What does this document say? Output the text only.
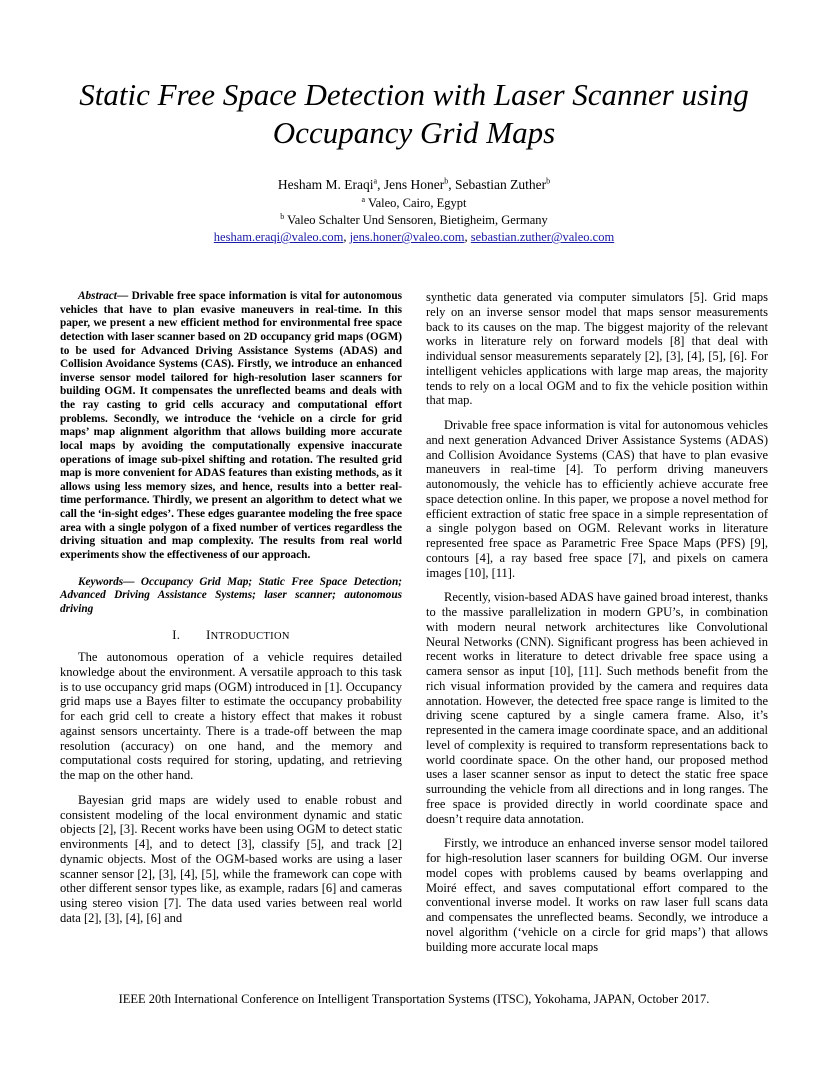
Static Free Space Detection with Laser Scanner using
Occupancy Grid Maps
Hesham M. Eraqi$^a$, Jens Honer$^b$, Sebastian Zuther$^b$
$^a$ Valeo, Cairo, Egypt
$^b$ Valeo Schalter Und Sensoren, Bietigheim, Germany
hesham.eraqi@valeo.com, jens.honer@valeo.com, sebastian.zuther@valeo.com
Abstract— Drivable free space information is vital for autonomous vehicles that have to plan evasive maneuvers in real-time. In this paper, we present a new efficient method for environmental free space detection with laser scanner based on 2D occupancy grid maps (OGM) to be used for Advanced Driving Assistance Systems (ADAS) and Collision Avoidance Systems (CAS). Firstly, we introduce an enhanced inverse sensor model tailored for high-resolution laser scanners for building OGM. It compensates the unreflected beams and deals with the ray casting to grid cells accuracy and computational effort problems. Secondly, we introduce the ‘vehicle on a circle for grid maps’ map alignment algorithm that allows building more accurate local maps by avoiding the computationally expensive inaccurate operations of image sub-pixel shifting and rotation. The resulted grid map is more convenient for ADAS features than existing methods, as it allows using less memory sizes, and hence, results into a better real-time performance. Thirdly, we present an algorithm to detect what we call the ‘in-sight edges’. These edges guarantee modeling the free space area with a single polygon of a fixed number of vertices regardless the driving situation and map complexity. The results from real world experiments show the effectiveness of our approach.
Keywords— Occupancy Grid Map; Static Free Space Detection; Advanced Driving Assistance Systems; laser scanner; autonomous driving
I. INTRODUCTION

The autonomous operation of a vehicle requires detailed knowledge about the environment. A versatile approach to this task is to use occupancy grid maps (OGM) introduced in [1]. Occupancy grid maps use a Bayes filter to estimate the occupancy probability for each grid cell to create a history effect that makes it robust against sensors uncertainty. There is a trade-off between the map resolution (accuracy) on one hand, and the memory and computational costs required for storing, updating, and retrieving the map on the other hand.

Bayesian grid maps are widely used to enable robust and consistent modeling of the local environment dynamic and static objects [2], [3]. Recent works have been using OGM to detect static environments [4], and to detect [3], classify [5], and track [2] dynamic objects. Most of the OGM-based works are using a laser scanner sensor [2], [3], [4], [5], while the framework can cope with other different sensor types like, as example, radars [6] and cameras using stereo vision [7]. The data used varies between real world data [2], [3], [4], [6] and

synthetic data generated via computer simulators [5]. Grid maps rely on an inverse sensor model that maps sensor measurements back to its causes on the map. The biggest majority of the relevant works in literature rely on forward models [8] that deal with individual sensor measurements separately [2], [3], [4], [5], [6]. For intelligent vehicles applications with large map areas, the majority tends to rely on a local OGM and to fix the vehicle position within that map.

Drivable free space information is vital for autonomous vehicles and next generation Advanced Driver Assistance Systems (ADAS) and Collision Avoidance Systems (CAS) that have to plan evasive maneuvers in real-time [4]. To perform driving maneuvers autonomously, the vehicle has to efficiently achieve accurate free space detection online. In this paper, we propose a novel method for efficient extraction of static free space in a simple representation of a single polygon based on OGM. Relevant works in literature represented free space as Parametric Free Space Maps (PFS) [9], contours [4], a ray based free space [7], and pixels on camera images [10], [11].

Recently, vision-based ADAS have gained broad interest, thanks to the massive parallelization in modern GPU’s, in combination with modern neural network architectures like Convolutional Neural Networks (CNN). Significant progress has been achieved in recent works in literature to detect drivable free space using a camera sensor as input [10], [11]. Such methods benefit from the rich visual information provided by the camera and requires data annotation. However, the detected free space range is limited to the driving scene captured by a single camera frame. Also, it’s represented in the camera image coordinate space, and an additional level of complexity is required to transform representations back to world coordinate space. On the other hand, our proposed method uses a laser scanner sensor as input to detect the static free space surrounding the vehicle from all directions and in long ranges. The free space is provided directly in world coordinate space and doesn’t require data annotation.

Firstly, we introduce an enhanced inverse sensor model tailored for high-resolution laser scanners for building OGM. Our inverse model copes with problems caused by beams overlapping and Moiré effect, and saves computational effort compared to the conventional inverse model. It works on raw laser full scans data and compensates the unreflected beams. Secondly, we introduce a novel algorithm (‘vehicle on a circle for grid maps’) that allows building more accurate local maps

IEEE 20th International Conference on Intelligent Transportation Systems (ITSC), Yokohama, JAPAN, October 2017.
